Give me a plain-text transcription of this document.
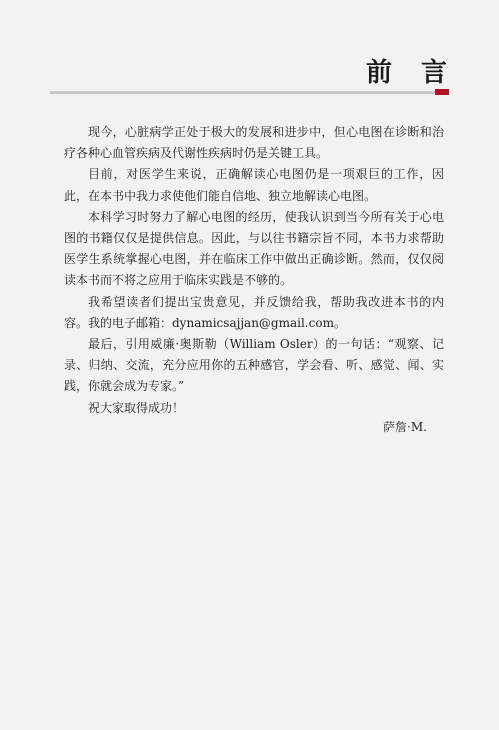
前 言

现今，心脏病学正处于极大的发展和进步中，但心电图在诊断和治疗各种心血管疾病及代谢性疾病时仍是关键工具。

目前，对医学生来说，正确解读心电图仍是一项艰巨的工作，因此，在本书中我力求使他们能自信地、独立地解读心电图。

本科学习时努力了解心电图的经历，使我认识到当今所有关于心电图的书籍仅仅是提供信息。因此，与以往书籍宗旨不同，本书力求帮助医学生系统掌握心电图，并在临床工作中做出正确诊断。然而，仅仅阅读本书而不将之应用于临床实践是不够的。

我希望读者们提出宝贵意见，并反馈给我，帮助我改进本书的内容。我的电子邮箱：dynamicsajjan@gmail.com。

最后，引用威廉·奥斯勒（William Osler）的一句话：“观察、记录、归纳、交流，充分应用你的五种感官，学会看、听、感觉、闻、实践，你就会成为专家。”

祝大家取得成功！

萨詹·M.
